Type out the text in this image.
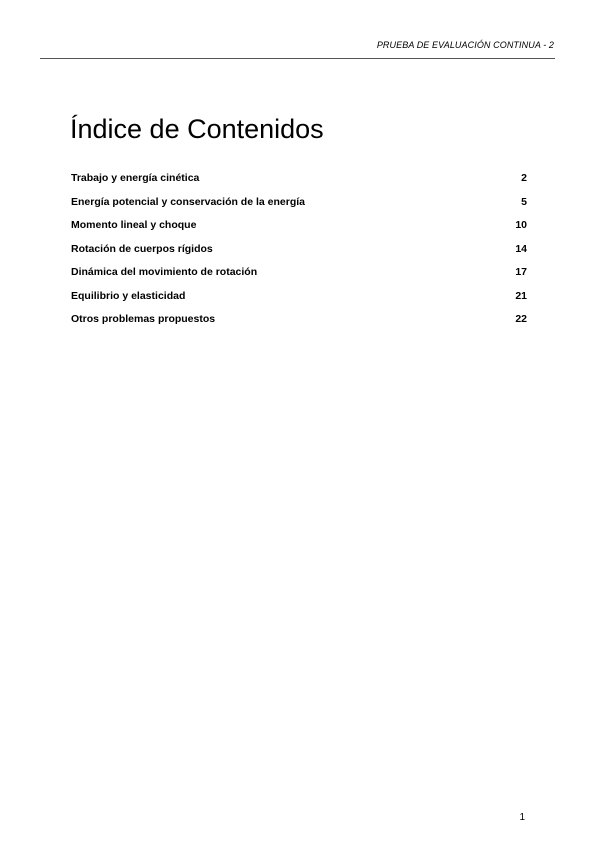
PRUEBA DE EVALUACIÓN CONTINUA - 2
Índice de Contenidos
Trabajo y energía cinética	2
Energía potencial y conservación de la energía	5
Momento lineal y choque	10
Rotación de cuerpos rígidos	14
Dinámica del movimiento de rotación	17
Equilibrio y elasticidad	21
Otros problemas propuestos	22
1
